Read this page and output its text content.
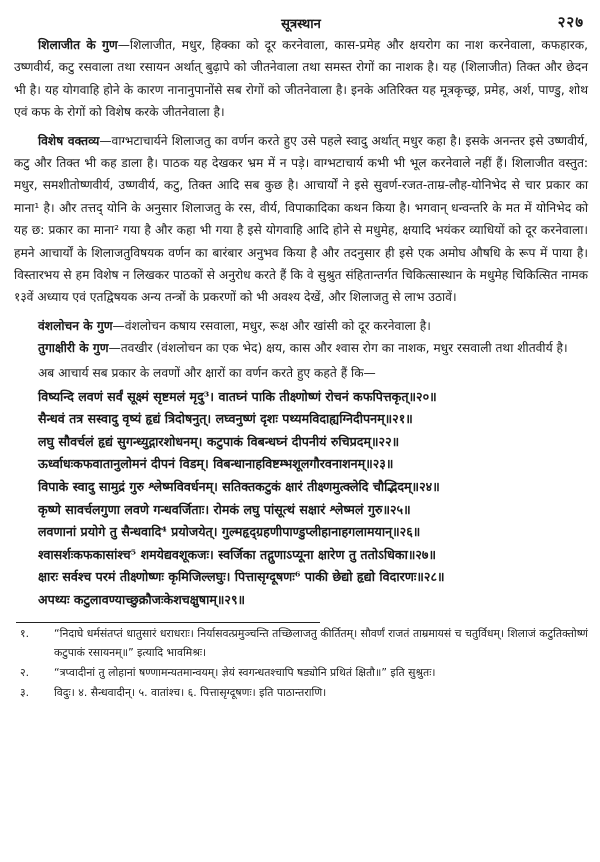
सूत्रस्थान	२२७

शिलाजीत के गुण—शिलाजीत, मधुर, हिक्का को दूर करनेवाला, कास-प्रमेह और क्षयरोग का नाश करनेवाला, कफहारक, उष्णवीर्य, कटु रसवाला तथा रसायन अर्थात् बुढ़ापे को जीतनेवाला तथा समस्त रोगों का नाशक है। यह (शिलाजीत) तिक्त और छेदन भी है। यह योगवाहि होने के कारण नानानुपानोंसे सब रोगों को जीतनेवाला है। इनके अतिरिक्त यह मूत्रकृच्छ्र, प्रमेह, अर्श, पाण्डु, शोथ एवं कफ के रोगों को विशेष करके जीतनेवाला है।

विशेष वक्तव्य—वाग्भटाचार्यने शिलाजतु का वर्णन करते हुए उसे पहले स्वादु अर्थात् मधुर कहा है। इसके अनन्तर इसे उष्णवीर्य, कटु और तिक्त भी कह डाला है। पाठक यह देखकर भ्रम में न पड़े। वाग्भटाचार्य कभी भी भूल करनेवाले नहीं हैं। शिलाजीत वस्तुत: मधुर, समशीतोष्णवीर्य, उष्णवीर्य, कटु, तिक्त आदि सब कुछ है। आचार्यों ने इसे सुवर्ण-रजत-ताम्र-लौह-योनिभेद से चार प्रकार का माना¹ है। और तत्तद् योनि के अनुसार शिलाजतु के रस, वीर्य, विपाकादिका कथन किया है। भगवान् धन्वन्तरि के मत में योनिभेद को यह छ: प्रकार का माना² गया है और कहा भी गया है इसे योगवाहि आदि होने से मधुमेह, क्षयादि भयंकर व्याधियों को दूर करनेवाला। हमने आचार्यों के शिलाजतुविषयक वर्णन का बारंबार अनुभव किया है और तदनुसार ही इसे एक अमोघ औषधि के रूप में पाया है। विस्तारभय से हम विशेष न लिखकर पाठकों से अनुरोध करते हैं कि वे सुश्रुत संहितान्तर्गत चिकित्सास्थान के मधुमेह चिकित्सित नामक १३वें अध्याय एवं एतद्विषयक अन्य तन्त्रों के प्रकरणों को भी अवश्य देखें, और शिलाजतु से लाभ उठावें।

वंशलोचन के गुण—वंशलोचन कषाय रसवाला, मधुर, रूक्ष और खांसी को दूर करनेवाला है।

तुगाक्षीरी के गुण—तवखीर (वंशलोचन का एक भेद) क्षय, कास और श्वास रोग का नाशक, मधुर रसवाली तथा शीतवीर्य है।

अब आचार्य सब प्रकार के लवणों और क्षारों का वर्णन करते हुए कहते हैं कि—

विष्यन्दि लवणं सर्वं सूक्ष्मं सृष्टमलं मृदु³। वातघ्नं पाकि तीक्ष्णोष्णं रोचनं कफपित्तकृत्॥२०॥
सैन्धवं तत्र सस्वादु वृष्यं हृद्यं त्रिदोषनुत्। लघ्वनुष्णं दृशः पथ्यमविदाह्यग्निदीपनम्॥२१॥
लघु सौवर्चलं हृद्यं सुगन्ध्युद्गारशोधनम्। कटुपाकं विबन्धघ्नं दीपनीयं रुचिप्रदम्॥२२॥
ऊर्ध्वाधःकफवातानुलोमनं दीपनं विडम्। विबन्धानाहविष्टम्भशूलगौरवनाशनम्॥२३॥
विपाके स्वादु सामुद्रं गुरु श्लेष्मविवर्धनम्। सतिक्तकटुकं क्षारं तीक्ष्णमुत्क्लेदि चौद्भिदम्॥२४॥
कृष्णे सावर्चलगुणा लवणे गन्धवर्जिताः। रोमकं लघु पांसूत्थं सक्षारं श्लेष्मलं गुरु॥२५॥
लवणानां प्रयोगे तु सैन्धवादि⁴ प्रयोजयेत्। गुल्महृद्ग्रहणीपाण्डुप्लीहानाहगलामयान्॥२६॥
श्वासर्शःकफकासांश्च⁵ शमयेद्यवशूकजः। स्वर्जिका तद्गुणाऽप्यूना क्षारेण तु ततोऽधिका॥२७॥
क्षारः सर्वश्च परमं तीक्ष्णोष्णः कृमिजिल्लघुः। पित्तासृग्दूषणः⁶ पाकी छेद्यो हृद्यो विदारणः॥२८॥
अपथ्यः कटुलावण्याच्छुक्रौजःकेशचक्षुषाम्॥२९॥
१.	“निदाघे धर्मसंतप्तं धातुसारं धराधराः। निर्यासवत्प्रमुञ्चन्ति तच्छिलाजतु कीर्तितम्। सौवर्णं राजतं ताम्रमायसं च चतुर्विधम्। शिलाजं कटुतिक्तोष्णं कटुपाकं रसायनम्॥” इत्यादि भावमिश्रः।
२.	“त्रप्वादीनां तु लोहानां षण्णामन्यतमान्वयम्। ज्ञेयं स्वगन्धतश्चापि षड्योनि प्रथितं क्षितौ॥” इति सुश्रुतः।
३.	विदुः। ४. सैन्धवादीन्। ५. वातांश्च। ६. पित्तासृग्दूषणः। इति पाठान्तराणि।
